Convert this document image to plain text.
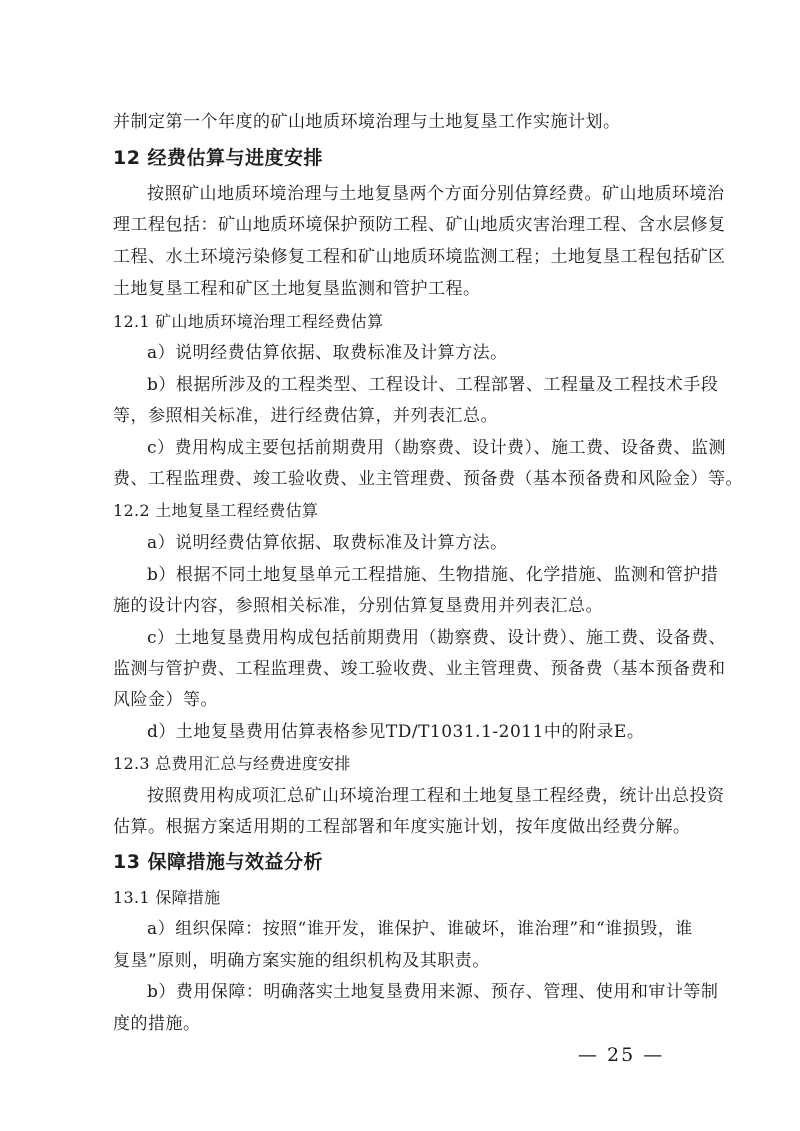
并制定第一个年度的矿山地质环境治理与土地复垦工作实施计划。
12 经费估算与进度安排
按照矿山地质环境治理与土地复垦两个方面分别估算经费。矿山地质环境治
理工程包括：矿山地质环境保护预防工程、矿山地质灾害治理工程、含水层修复
工程、水土环境污染修复工程和矿山地质环境监测工程；土地复垦工程包括矿区
土地复垦工程和矿区土地复垦监测和管护工程。
12.1 矿山地质环境治理工程经费估算
a）说明经费估算依据、取费标准及计算方法。
b）根据所涉及的工程类型、工程设计、工程部署、工程量及工程技术手段
等，参照相关标准，进行经费估算，并列表汇总。
c）费用构成主要包括前期费用（勘察费、设计费）、施工费、设备费、监测
费、工程监理费、竣工验收费、业主管理费、预备费（基本预备费和风险金）等。
12.2 土地复垦工程经费估算
a）说明经费估算依据、取费标准及计算方法。
b）根据不同土地复垦单元工程措施、生物措施、化学措施、监测和管护措
施的设计内容，参照相关标准，分别估算复垦费用并列表汇总。
c）土地复垦费用构成包括前期费用（勘察费、设计费）、施工费、设备费、
监测与管护费、工程监理费、竣工验收费、业主管理费、预备费（基本预备费和
风险金）等。
d）土地复垦费用估算表格参见TD/T1031.1-2011中的附录E。
12.3 总费用汇总与经费进度安排
按照费用构成项汇总矿山环境治理工程和土地复垦工程经费，统计出总投资
估算。根据方案适用期的工程部署和年度实施计划，按年度做出经费分解。
13 保障措施与效益分析
13.1 保障措施
a）组织保障：按照“谁开发，谁保护、谁破坏，谁治理”和“谁损毁，谁
复垦”原则，明确方案实施的组织机构及其职责。
b）费用保障：明确落实土地复垦费用来源、预存、管理、使用和审计等制
度的措施。
— 25 —
